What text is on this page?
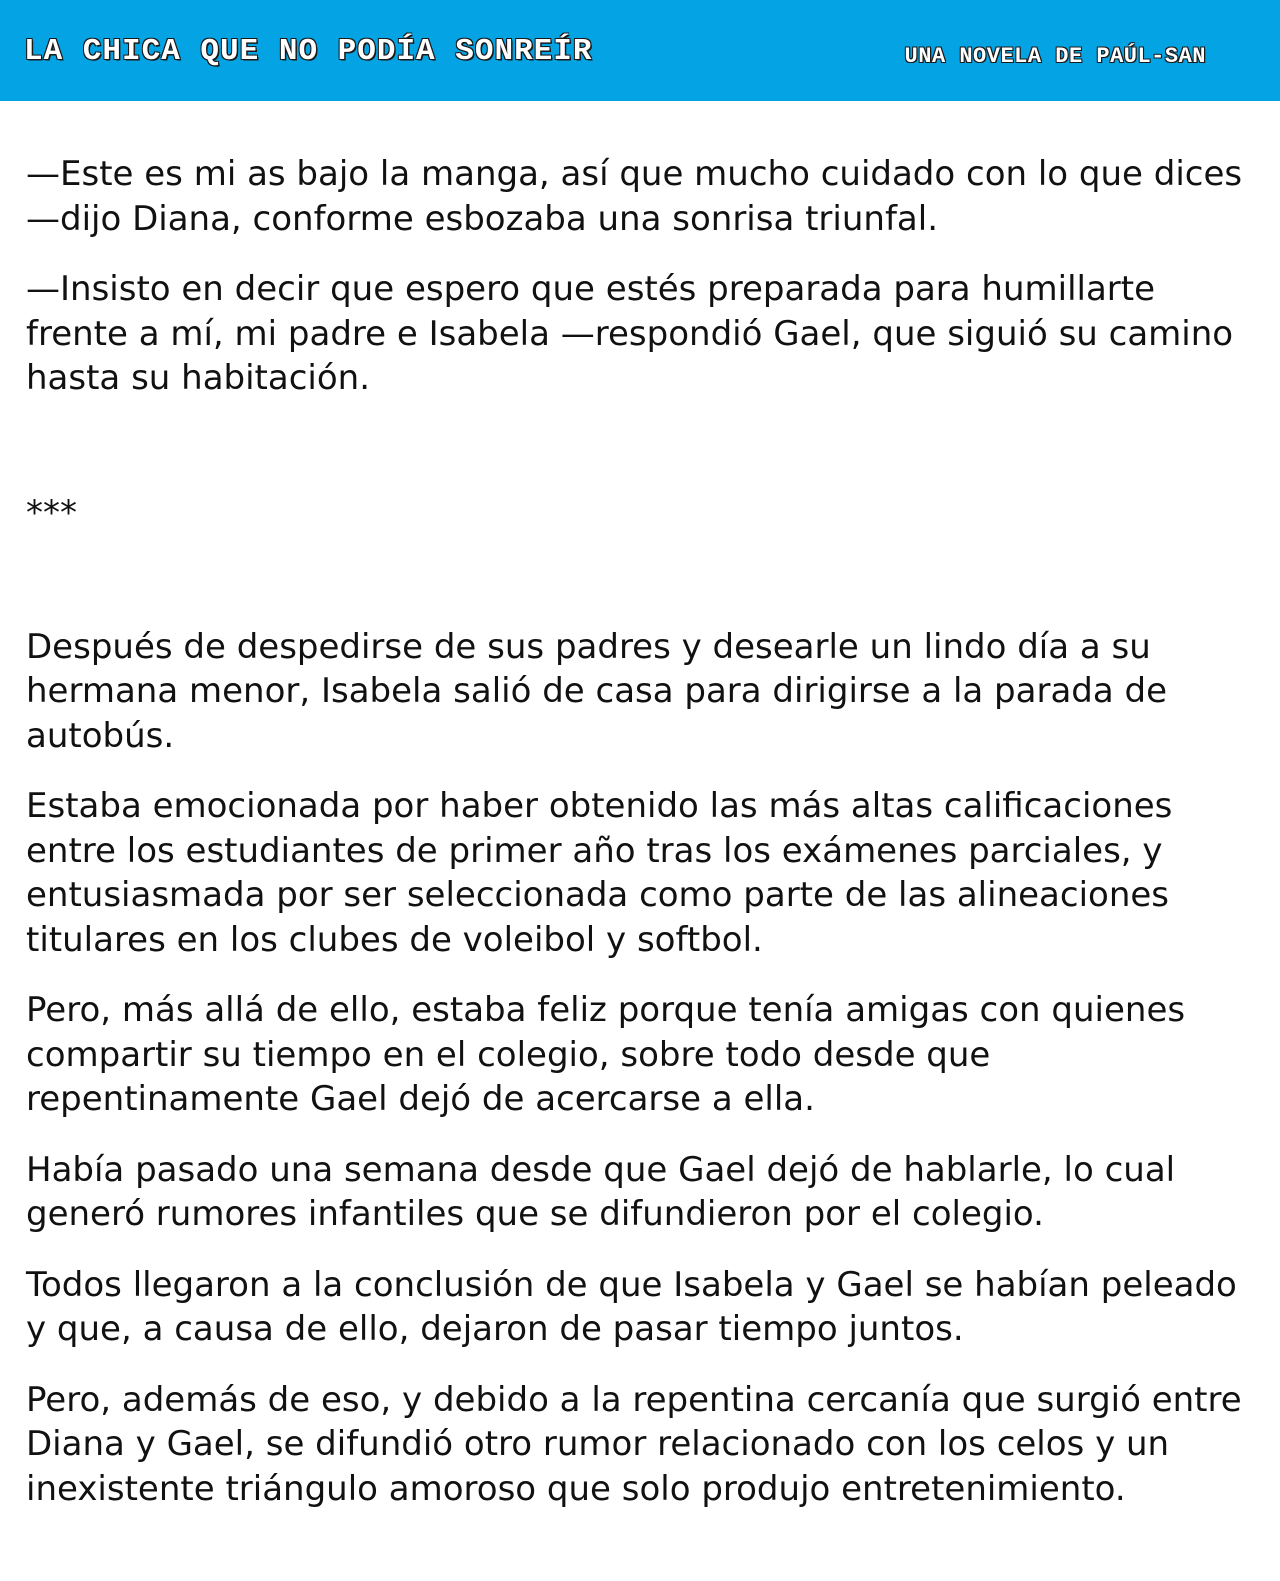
LA CHICA QUE NO PODÍA SONREÍR	UNA NOVELA DE PAÚL-SAN

—Este es mi as bajo la manga, así que mucho cuidado con lo que dices —dijo Diana, conforme esbozaba una sonrisa triunfal.

—Insisto en decir que espero que estés preparada para humillarte frente a mí, mi padre e Isabela —respondió Gael, que siguió su camino hasta su habitación.

***

Después de despedirse de sus padres y desearle un lindo día a su hermana menor, Isabela salió de casa para dirigirse a la parada de autobús.

Estaba emocionada por haber obtenido las más altas calificaciones entre los estudiantes de primer año tras los exámenes parciales, y entusiasmada por ser seleccionada como parte de las alineaciones titulares en los clubes de voleibol y softbol.

Pero, más allá de ello, estaba feliz porque tenía amigas con quienes compartir su tiempo en el colegio, sobre todo desde que repentinamente Gael dejó de acercarse a ella.

Había pasado una semana desde que Gael dejó de hablarle, lo cual generó rumores infantiles que se difundieron por el colegio.

Todos llegaron a la conclusión de que Isabela y Gael se habían peleado y que, a causa de ello, dejaron de pasar tiempo juntos.

Pero, además de eso, y debido a la repentina cercanía que surgió entre Diana y Gael, se difundió otro rumor relacionado con los celos y un inexistente triángulo amoroso que solo produjo entretenimiento.
